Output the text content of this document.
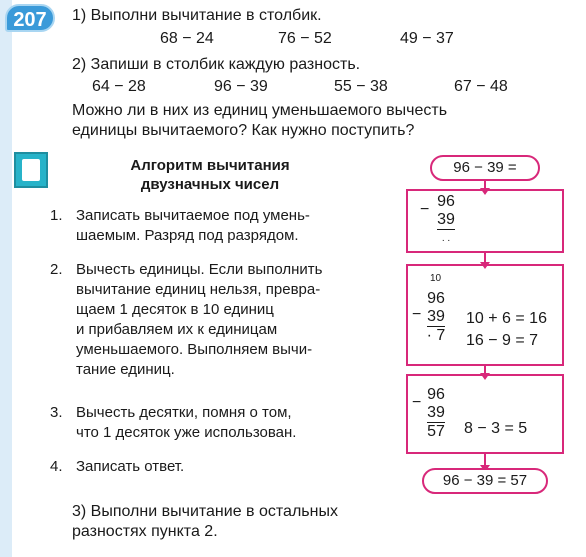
207	1) Выполни вычитание в столбик.
68 − 24	76 − 52	49 − 37
2) Запиши в столбик каждую разность.
64 − 28	96 − 39	55 − 38	67 − 48
Можно ли в них из единиц уменьшаемого вычесть
единицы вычитаемого? Как нужно поступить?
Алгоритм вычитания
двузначных чисел
1. Записать вычитаемое под умень-
шаемым. Разряд под разрядом.
2. Вычесть единицы. Если выполнить
вычитание единиц нельзя, превра-
щаем 1 десяток в 10 единиц
и прибавляем их к единицам
уменьшаемого. Выполняем вычи-
тание единиц.
3. Вычесть десятки, помня о том,
что 1 десяток уже использован.
4. Записать ответ.
3) Выполни вычитание в остальных
разностях пункта 2.
96 − 39 =
− 96
39
. .
10
−
96
39
· 7
10 + 6 = 16
16 − 9 = 7
− 96
39
57 8 − 3 = 5
96 − 39 = 57
